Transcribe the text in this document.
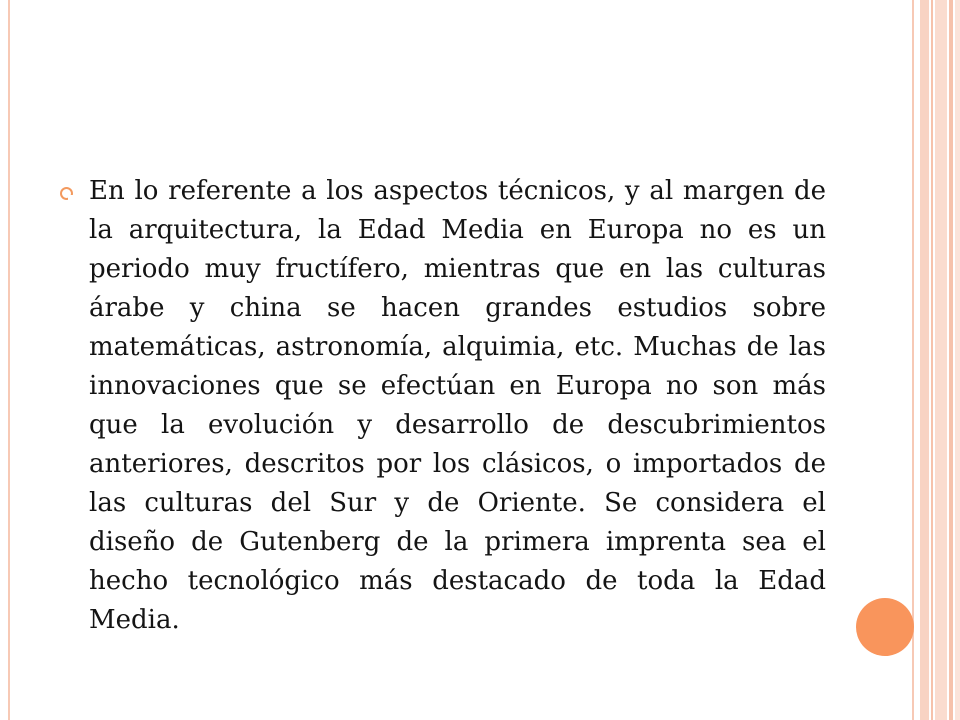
En lo referente a los aspectos técnicos, y al margen de la arquitectura, la Edad Media en Europa no es un periodo muy fructífero, mientras que en las culturas árabe y china se hacen grandes estudios sobre matemáticas, astronomía, alquimia, etc. Muchas de las innovaciones que se efectúan en Europa no son más que la evolución y desarrollo de descubrimientos anteriores, descritos por los clásicos, o importados de las culturas del Sur y de Oriente. Se considera el diseño de Gutenberg de la primera imprenta sea el hecho tecnológico más destacado de toda la Edad Media.
